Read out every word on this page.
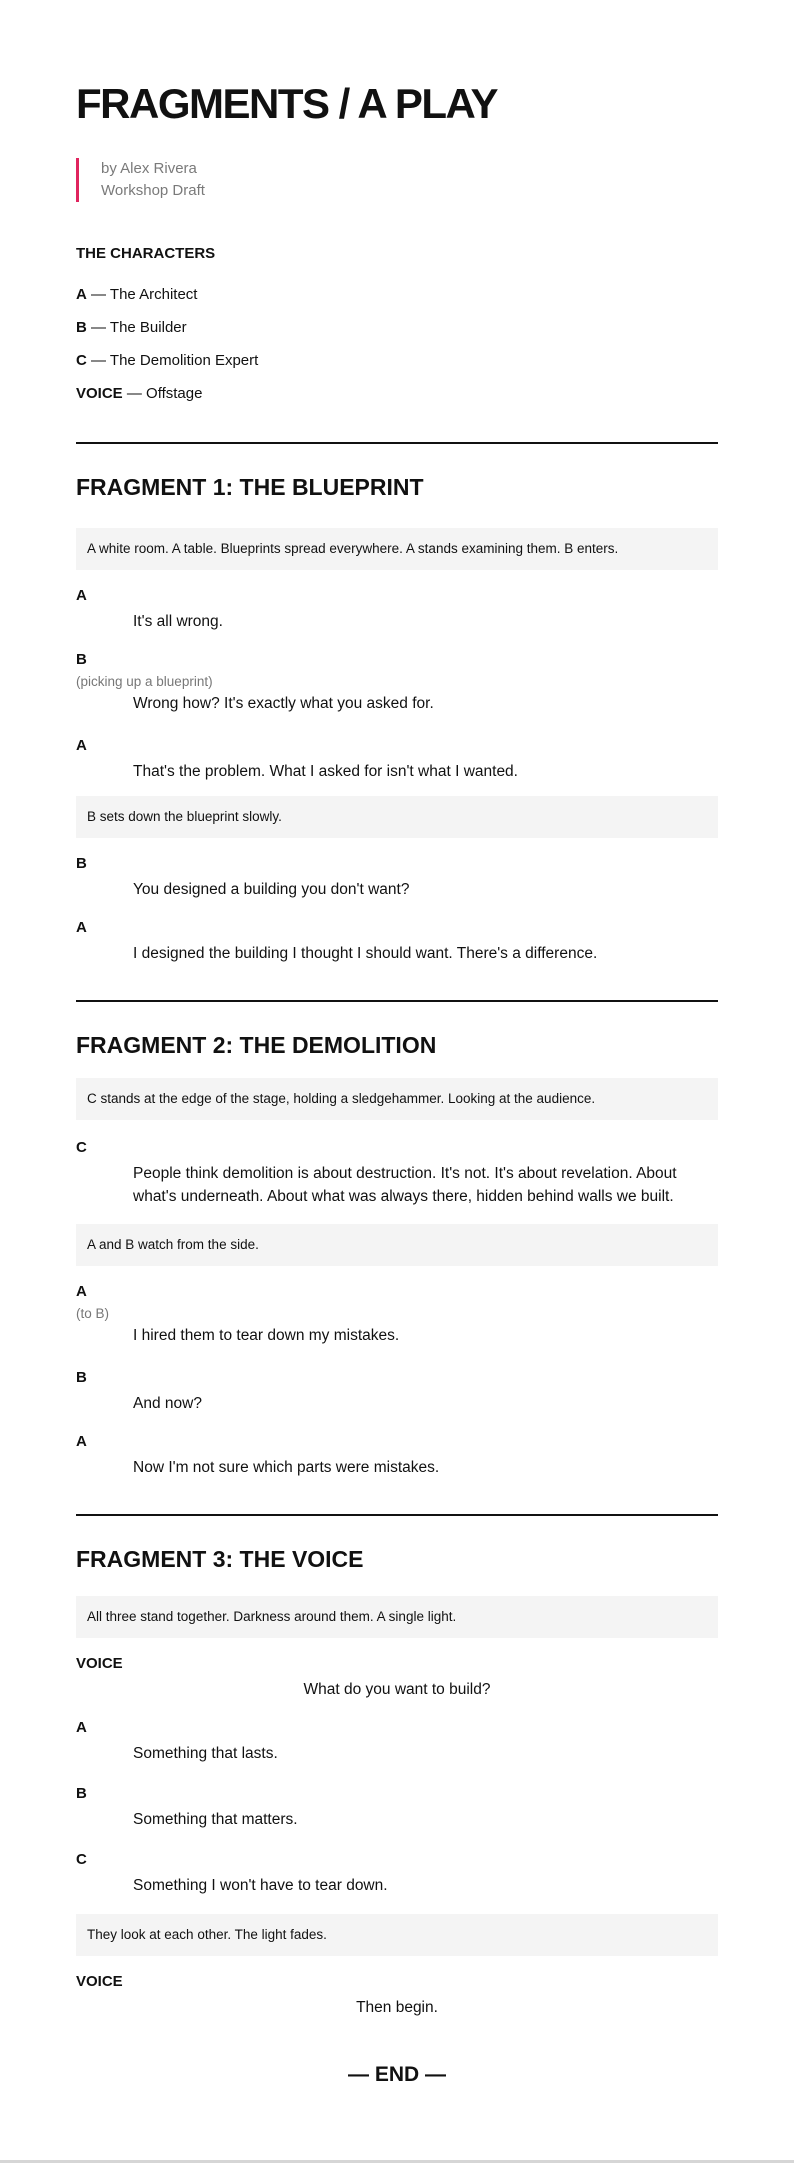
FRAGMENTS / A PLAY
by Alex Rivera
Workshop Draft
THE CHARACTERS
A — The Architect
B — The Builder
C — The Demolition Expert
VOICE — Offstage
FRAGMENT 1: THE BLUEPRINT
A white room. A table. Blueprints spread everywhere. A stands examining them. B enters.
A
It's all wrong.
B
(picking up a blueprint)
Wrong how? It's exactly what you asked for.
A
That's the problem. What I asked for isn't what I wanted.
B sets down the blueprint slowly.
B
You designed a building you don't want?
A
I designed the building I thought I should want. There's a difference.
FRAGMENT 2: THE DEMOLITION
C stands at the edge of the stage, holding a sledgehammer. Looking at the audience.
C
People think demolition is about destruction. It's not. It's about revelation. About what's underneath. About what was always there, hidden behind walls we built.
A and B watch from the side.
A
(to B)
I hired them to tear down my mistakes.
B
And now?
A
Now I'm not sure which parts were mistakes.
FRAGMENT 3: THE VOICE
All three stand together. Darkness around them. A single light.
VOICE
What do you want to build?
A
Something that lasts.
B
Something that matters.
C
Something I won't have to tear down.
They look at each other. The light fades.
VOICE
Then begin.
— END —
